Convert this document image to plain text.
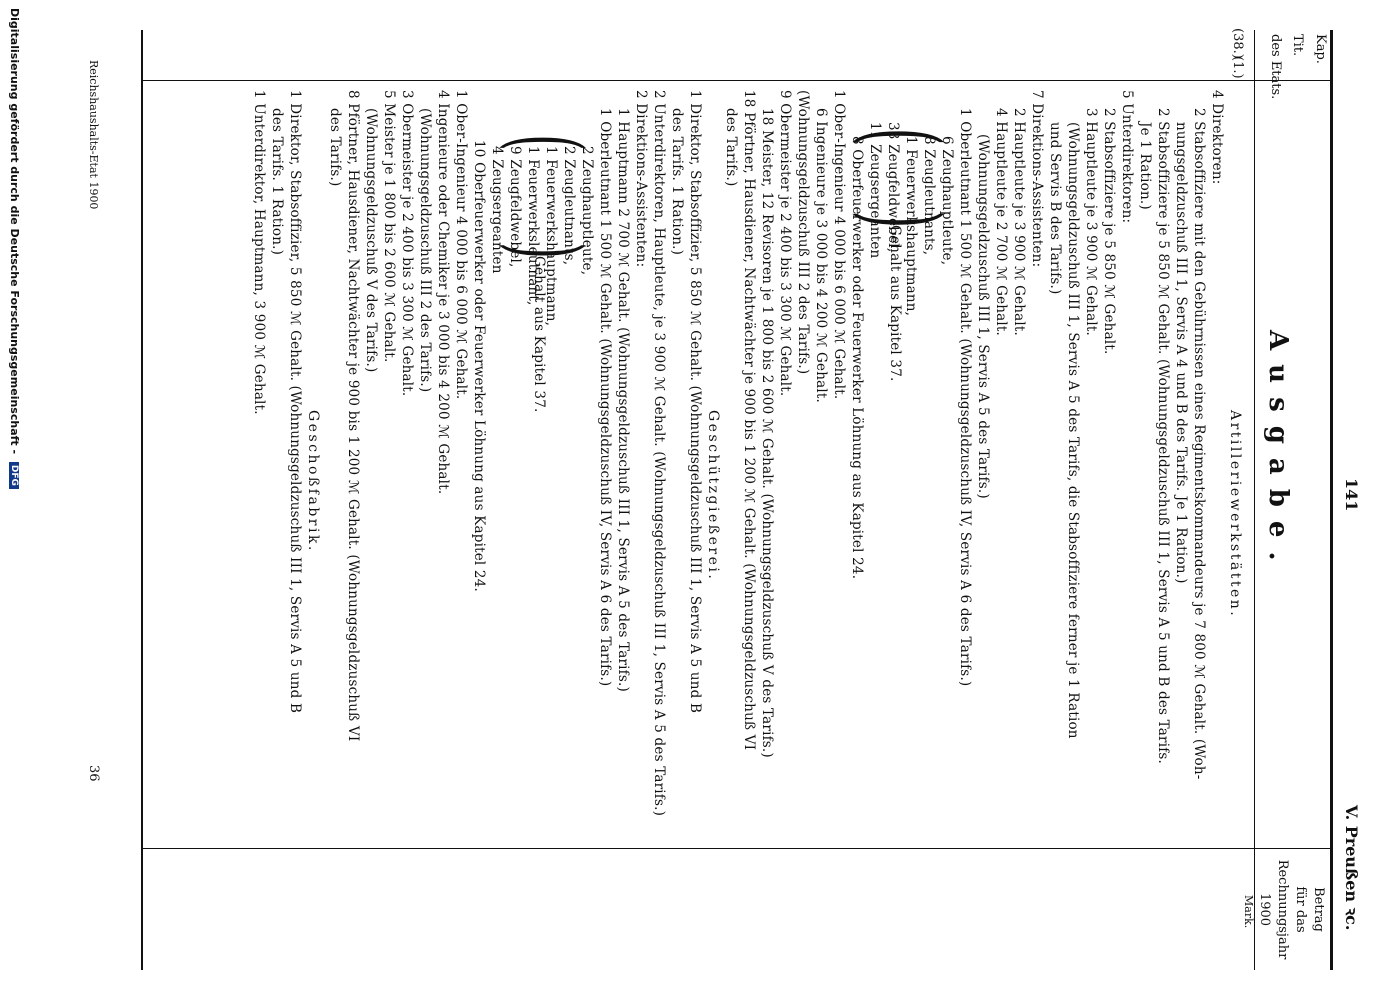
141
V. Preußen ꝛc.
Kap.
Tit.
des Etats.
Ausgabe.
Betrag
für das
Rechnungsjahr
1900
Mark.
(38.)
(1.)
Artilleriewerkstätten.
4 Direktoren:
2 Stabsoffiziere mit den Gebührnissen eines Regimentskommandeurs je 7 800 ℳ Gehalt. (Woh-
nungsgeldzuschuß III 1, Servis A 4 und B des Tarifs. Je 1 Ration.)
2 Stabsoffiziere je 5 850 ℳ Gehalt. (Wohnungsgeldzuschuß III 1, Servis A 5 und B des Tarifs.
Je 1 Ration.)
5 Unterdirektoren:
2 Stabsoffiziere je 5 850 ℳ Gehalt.
3 Hauptleute je 3 900 ℳ Gehalt.
(Wohnungsgeldzuschuß III 1, Servis A 5 des Tarifs, die Stabsoffiziere ferner je 1 Ration
und Servis B des Tarifs.)
7 Direktions-Assistenten:
2 Hauptleute je 3 900 ℳ Gehalt.
4 Hauptleute je 2 700 ℳ Gehalt.
(Wohnungsgeldzuschuß III 1, Servis A 5 des Tarifs.)
1 Oberleutnant 1 500 ℳ Gehalt. (Wohnungsgeldzuschuß IV, Servis A 6 des Tarifs.)
(
6 Zeughauptleute,
8 Zeugleutnants,
1 Feuerwerkshauptmann,
33 Zeugfeldwebel,
11 Zeugsergeanten
8 Oberfeuerwerker oder Feuerwerker Löhnung aus Kapitel 24.
)
Gehalt aus Kapitel 37.
1 Ober-Ingenieur 4 000 bis 6 000 ℳ Gehalt.
6 Ingenieure je 3 000 bis 4 200 ℳ Gehalt.
(Wohnungsgeldzuschuß III 2 des Tarifs.)
9 Obermeister je 2 400 bis 3 300 ℳ Gehalt.
18 Meister, 12 Revisoren je 1 800 bis 2 600 ℳ Gehalt. (Wohnungsgeldzuschuß V des Tarifs.)
18 Pförtner, Hausdiener, Nachtwächter je 900 bis 1 200 ℳ Gehalt. (Wohnungsgeldzuschuß VI
des Tarifs.)
Geschützgießerei.
1 Direktor, Stabsoffizier, 5 850 ℳ Gehalt. (Wohnungsgeldzuschuß III 1, Servis A 5 und B
des Tarifs. 1 Ration.)
2 Unterdirektoren, Hauptleute, je 3 900 ℳ Gehalt. (Wohnungsgeldzuschuß III 1, Servis A 5 des Tarifs.)
2 Direktions-Assistenten:
1 Hauptmann 2 700 ℳ Gehalt. (Wohnungsgeldzuschuß III 1, Servis A 5 des Tarifs.)
1 Oberleutnant 1 500 ℳ Gehalt. (Wohnungsgeldzuschuß IV, Servis A 6 des Tarifs.)
(
2 Zeughauptleute,
2 Zeugleutnants,
1 Feuerwerkshauptmann,
1 Feuerwerksleutnant,
9 Zeugfeldwebel,
4 Zeugsergeanten
)
Gehalt aus Kapitel 37.
10 Oberfeuerwerker oder Feuerwerker Löhnung aus Kapitel 24.
1 Ober-Ingenieur 4 000 bis 6 000 ℳ Gehalt.
4 Ingenieure oder Chemiker je 3 000 bis 4 200 ℳ Gehalt.
(Wohnungsgeldzuschuß III 2 des Tarifs.)
3 Obermeister je 2 400 bis 3 300 ℳ Gehalt.
5 Meister je 1 800 bis 2 600 ℳ Gehalt.
(Wohnungsgeldzuschuß V des Tarifs.)
8 Pförtner, Hausdiener, Nachtwächter je 900 bis 1 200 ℳ Gehalt. (Wohnungsgeldzuschuß VI
des Tarifs.)
Geschoßfabrik.
1 Direktor, Stabsoffizier, 5 850 ℳ Gehalt. (Wohnungsgeldzuschuß III 1, Servis A 5 und B
des Tarifs. 1 Ration.)
1 Unterdirektor, Hauptmann, 3 900 ℳ Gehalt.
Reichshaushalts-Etat 1900
36
Digitalisierung gefördert durch die Deutsche Forschungsgemeinschaft - DFG
